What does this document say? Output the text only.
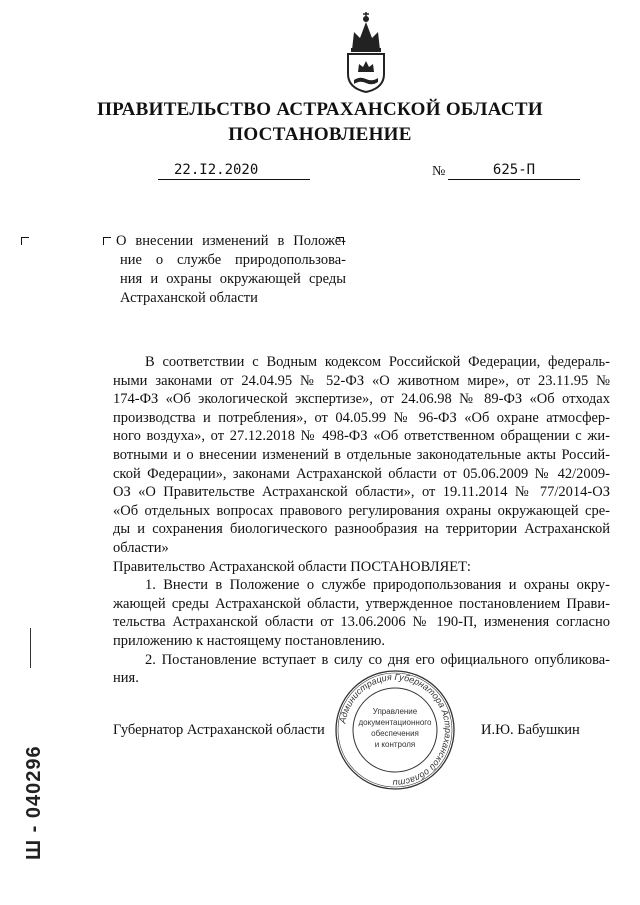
ПРАВИТЕЛЬСТВО АСТРАХАНСКОЙ ОБЛАСТИ
ПОСТАНОВЛЕНИЕ
22.I2.2020	№	625-П
О внесении изменений в Положе-
ние о службе природопользова-
ния и охраны окружающей среды
Астраханской области
В соответствии с Водным кодексом Российской Федерации, федераль-
ными законами от 24.04.95 № 52-ФЗ «О животном мире», от 23.11.95 №
174-ФЗ «Об экологической экспертизе», от 24.06.98 № 89-ФЗ «Об отходах
производства и потребления», от 04.05.99 № 96-ФЗ «Об охране атмосфер-
ного воздуха», от 27.12.2018 № 498-ФЗ «Об ответственном обращении с жи-
вотными и о внесении изменений в отдельные законодательные акты Россий-
ской Федерации», законами Астраханской области от 05.06.2009 № 42/2009-
ОЗ «О Правительстве Астраханской области», от 19.11.2014 № 77/2014-ОЗ
«Об отдельных вопросах правового регулирования охраны окружающей сре-
ды и сохранения биологического разнообразия на территории Астраханской
области»
Правительство Астраханской области ПОСТАНОВЛЯЕТ:
1. Внести в Положение о службе природопользования и охраны окру-
жающей среды Астраханской области, утвержденное постановлением Прави-
тельства Астраханской области от 13.06.2006 № 190-П, изменения согласно
приложению к настоящему постановлению.
2. Постановление вступает в силу со дня его официального опубликова-
ния.
Губернатор Астраханской области	И.Ю. Бабушкин
Администрация Губернатора Астраханской области
Управление
документационного
обеспечения
и контроля
Ш - 040296
